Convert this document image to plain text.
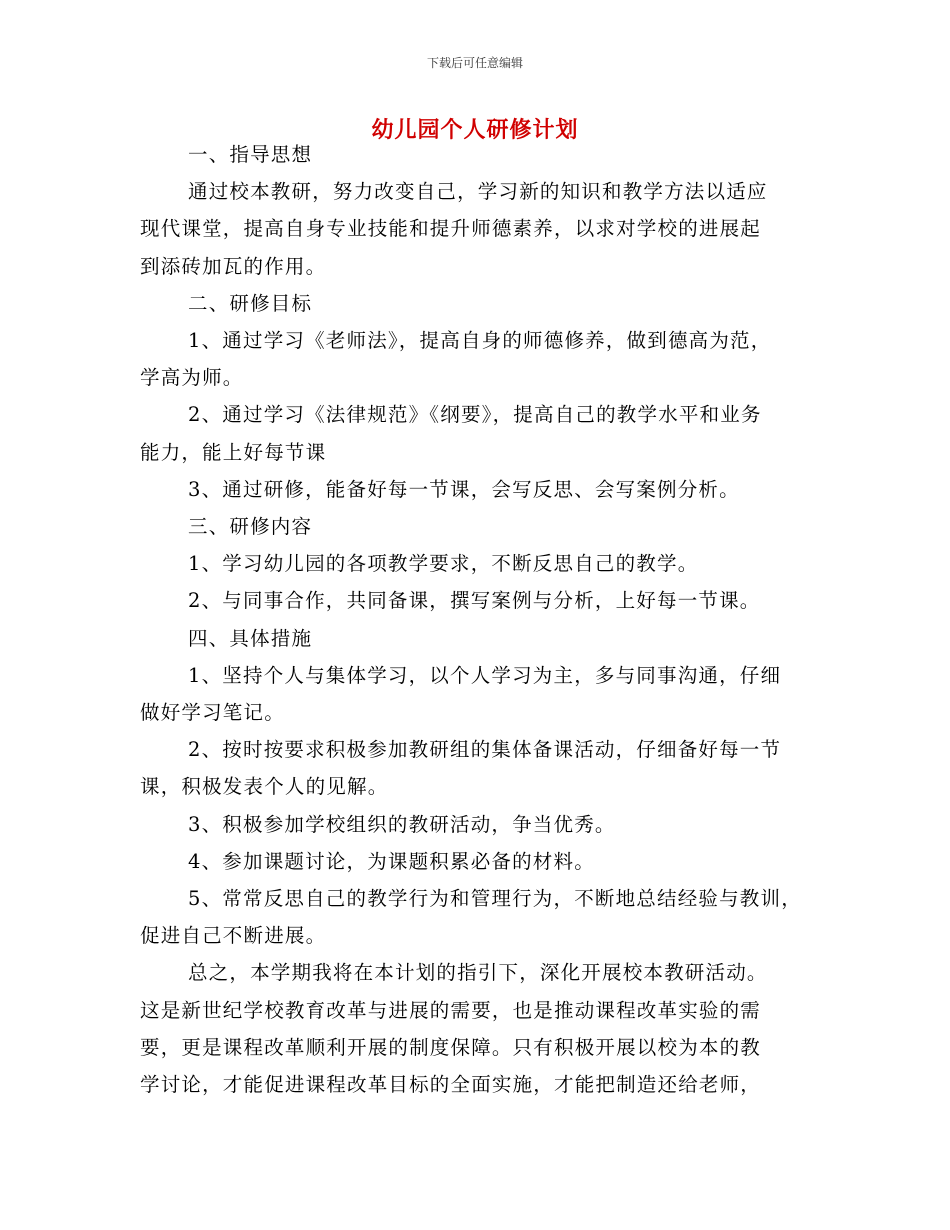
下载后可任意编辑
幼儿园个人研修计划
一、指导思想
通过校本教研，努力改变自己，学习新的知识和教学方法以适应
现代课堂，提高自身专业技能和提升师德素养，以求对学校的进展起
到添砖加瓦的作用。
二、研修目标
1、通过学习《老师法》，提高自身的师德修养，做到德高为范，
学高为师。
2、通过学习《法律规范》《纲要》，提高自己的教学水平和业务
能力，能上好每节课
3、通过研修，能备好每一节课，会写反思、会写案例分析。
三、研修内容
1、学习幼儿园的各项教学要求，不断反思自己的教学。
2、与同事合作，共同备课，撰写案例与分析，上好每一节课。
四、具体措施
1、坚持个人与集体学习，以个人学习为主，多与同事沟通，仔细
做好学习笔记。
2、按时按要求积极参加教研组的集体备课活动，仔细备好每一节
课，积极发表个人的见解。
3、积极参加学校组织的教研活动，争当优秀。
4、参加课题讨论，为课题积累必备的材料。
5、常常反思自己的教学行为和管理行为，不断地总结经验与教训，
促进自己不断进展。
总之，本学期我将在本计划的指引下，深化开展校本教研活动。
这是新世纪学校教育改革与进展的需要，也是推动课程改革实验的需
要，更是课程改革顺利开展的制度保障。只有积极开展以校为本的教
学讨论，才能促进课程改革目标的全面实施，才能把制造还给老师，
